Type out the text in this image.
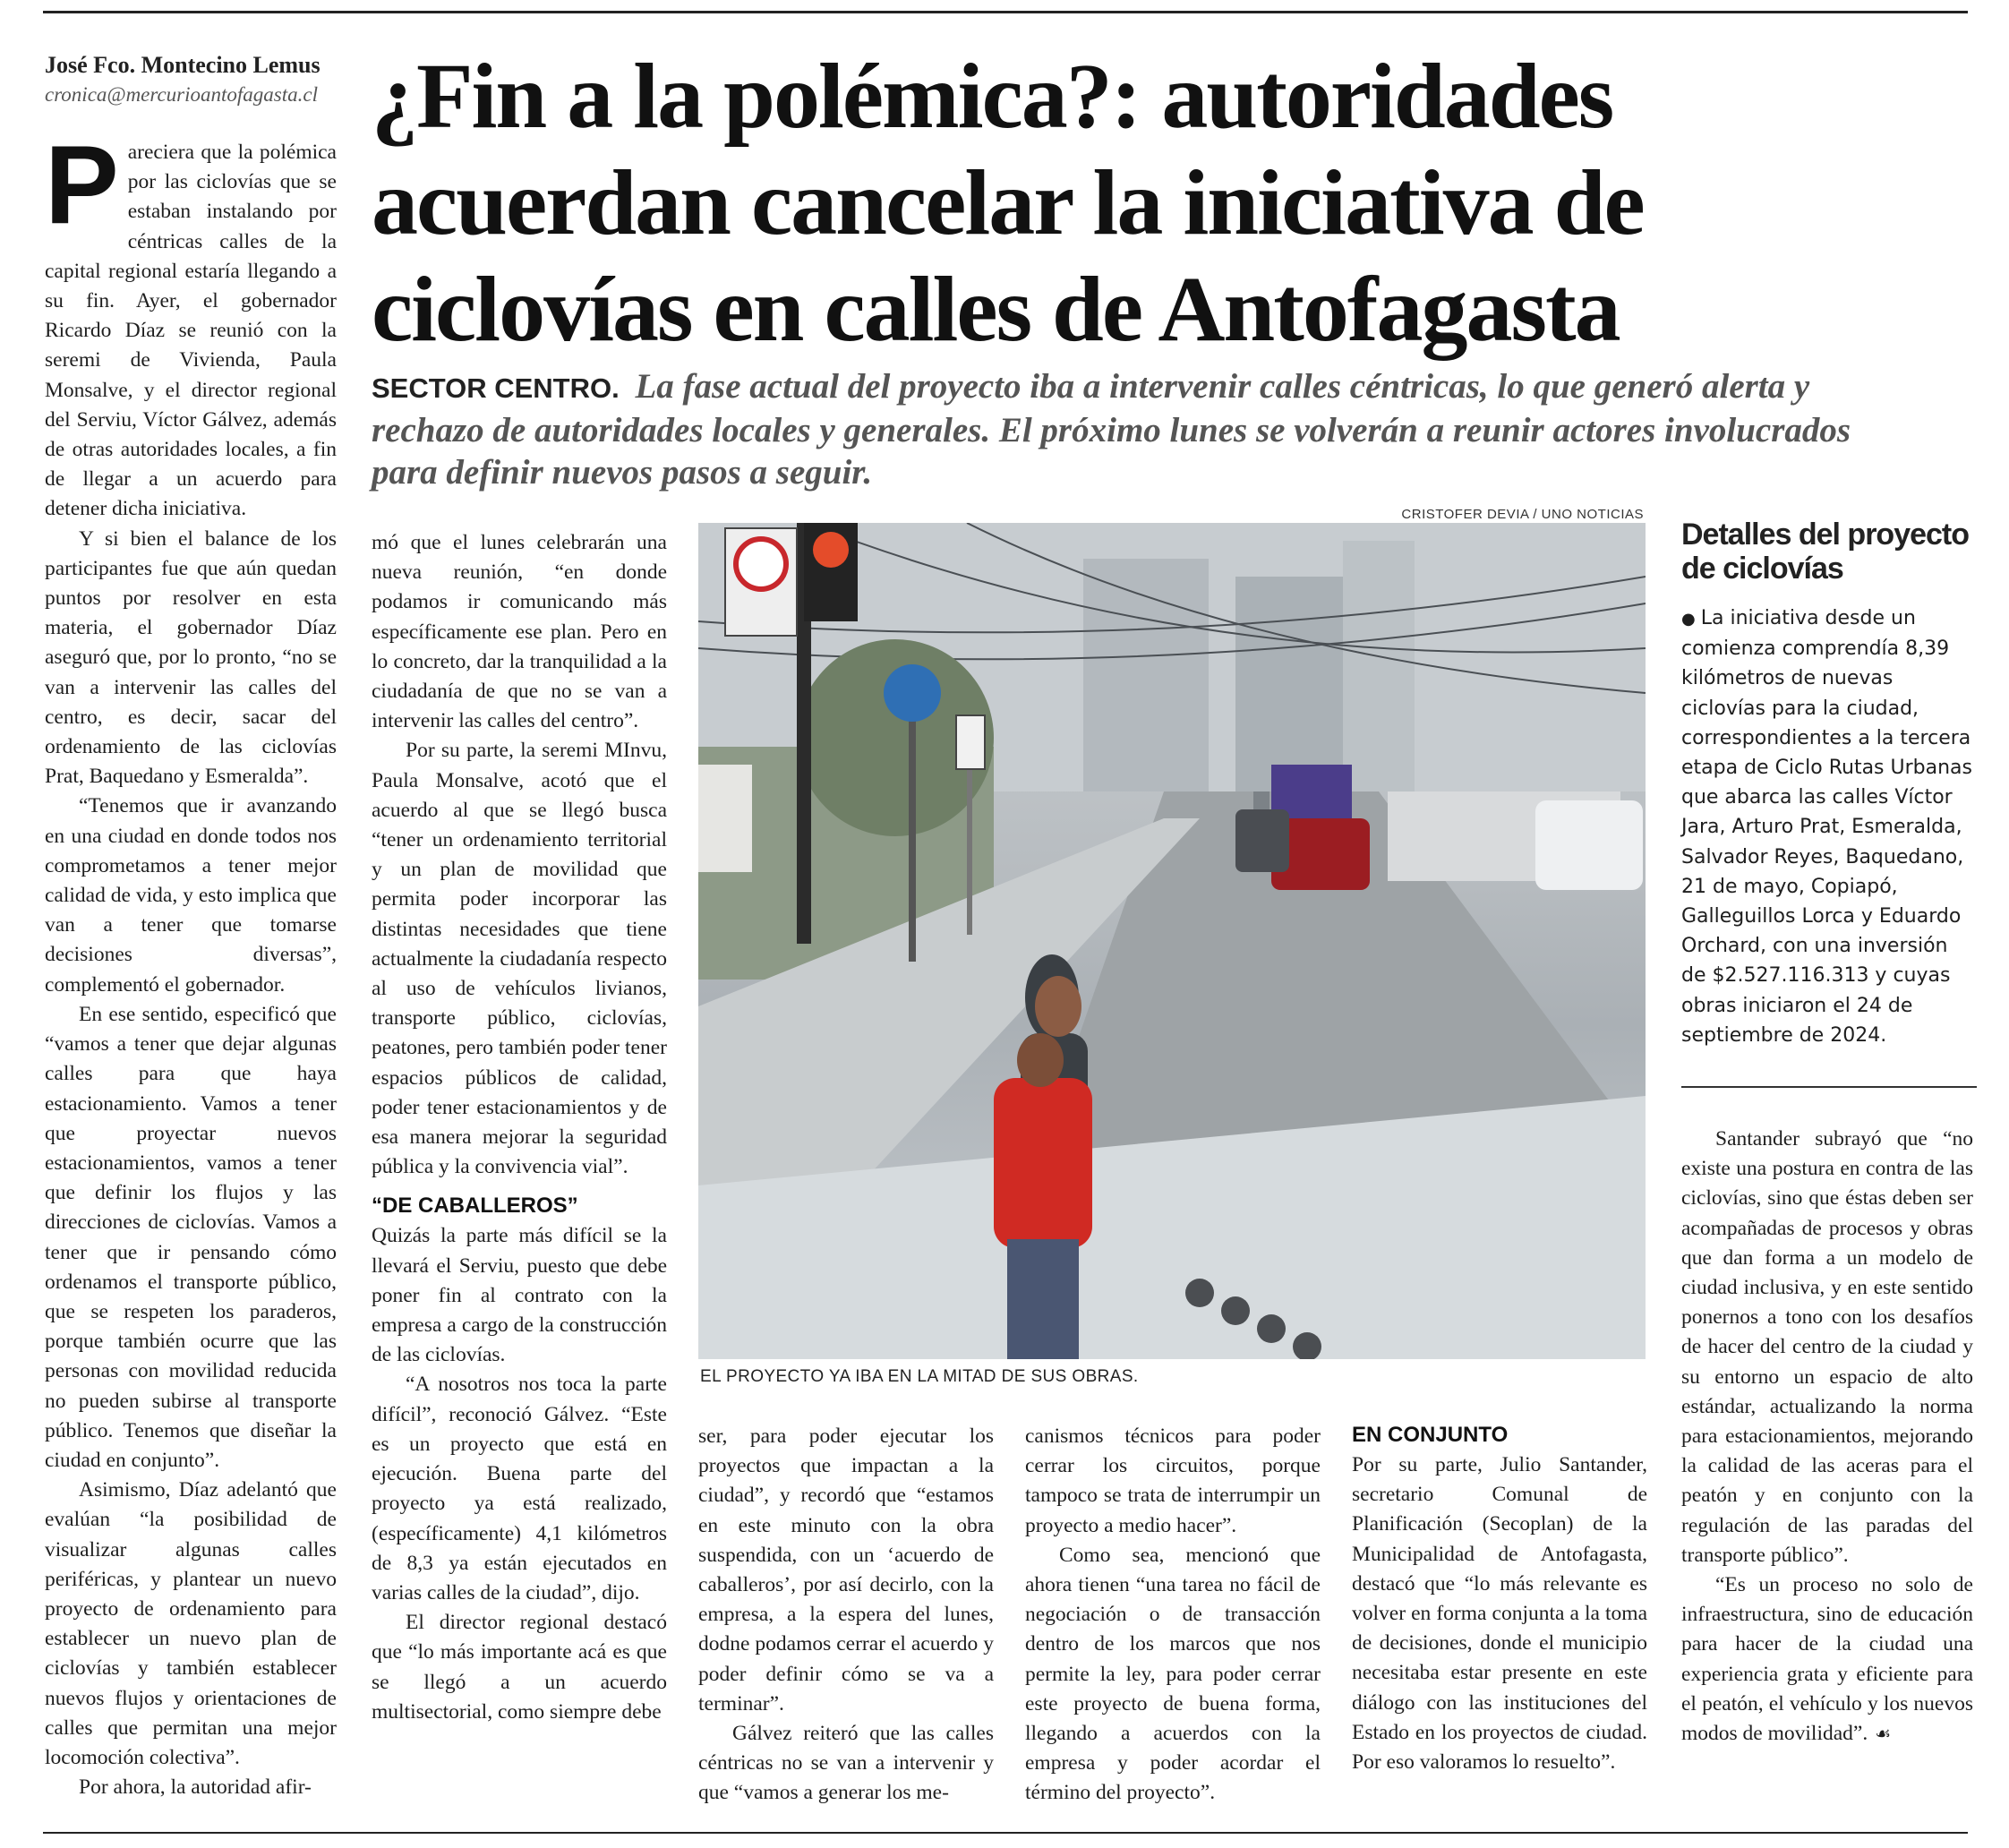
José Fco. Montecino Lemus
cronica@mercurioantofagasta.cl ¿Fin a la polémica?: autoridades acuerdan cancelar la iniciativa de ciclovías en calles de Antofagasta
SECTOR CENTRO. La fase actual del proyecto iba a intervenir calles céntricas, lo que generó alerta y rechazo de autoridades locales y generales. El próximo lunes se volverán a reunir actores involucrados para definir nuevos pasos a seguir.

Pareciera que la polémica por las ciclovías que se estaban instalando por céntricas calles de la capital regional estaría llegando a su fin. Ayer, el gobernador Ricardo Díaz se reunió con la seremi de Vivienda, Paula Monsalve, y el director regional del Serviu, Víctor Gálvez, además de otras autoridades locales, a fin de llegar a un acuerdo para detener dicha iniciativa.

Y si bien el balance de los participantes fue que aún quedan puntos por resolver en esta materia, el gobernador Díaz aseguró que, por lo pronto, “no se van a intervenir las calles del centro, es decir, sacar del ordenamiento de las ciclovías Prat, Baquedano y Esmeralda”.

“Tenemos que ir avanzando en una ciudad en donde todos nos comprometamos a tener mejor calidad de vida, y esto implica que van a tener que tomarse decisiones diversas”, complementó el gobernador.

En ese sentido, especificó que “vamos a tener que dejar algunas calles para que haya estacionamiento. Vamos a tener que proyectar nuevos estacionamientos, vamos a tener que definir los flujos y las direcciones de ciclovías. Vamos a tener que ir pensando cómo ordenamos el transporte público, que se respeten los paraderos, porque también ocurre que las personas con movilidad reducida no pueden subirse al transporte público. Tenemos que diseñar la ciudad en conjunto”.

Asimismo, Díaz adelantó que evalúan “la posibilidad de visualizar algunas calles periféricas, y plantear un nuevo proyecto de ordenamiento para establecer un nuevo plan de ciclovías y también establecer nuevos flujos y orientaciones de calles que permitan una mejor locomoción colectiva”.

Por ahora, la autoridad afir-

mó que el lunes celebrarán una nueva reunión, “en donde podamos ir comunicando más específicamente ese plan. Pero en lo concreto, dar la tranquilidad a la ciudadanía de que no se van a intervenir las calles del centro”.

Por su parte, la seremi MInvu, Paula Monsalve, acotó que el acuerdo al que se llegó busca “tener un ordenamiento territorial y un plan de movilidad que permita poder incorporar las distintas necesidades que tiene actualmente la ciudadanía respecto al uso de vehículos livianos, transporte público, ciclovías, peatones, pero también poder tener espacios públicos de calidad, poder tener estacionamientos y de esa manera mejorar la seguridad pública y la convivencia vial”.

“DE CABALLEROS”

Quizás la parte más difícil se la llevará el Serviu, puesto que debe poner fin al contrato con la empresa a cargo de la construcción de las ciclovías.

“A nosotros nos toca la parte difícil”, reconoció Gálvez. “Este es un proyecto que está en ejecución. Buena parte del proyecto ya está realizado, (específicamente) 4,1 kilómetros de 8,3 ya están ejecutados en varias calles de la ciudad”, dijo.

El director regional destacó que “lo más importante acá es que se llegó a un acuerdo multisectorial, como siempre debe

CRISTOFER DEVIA / UNO NOTICIAS
EL PROYECTO YA IBA EN LA MITAD DE SUS OBRAS.

ser, para poder ejecutar los proyectos que impactan a la ciudad”, y recordó que “estamos en este minuto con la obra suspendida, con un ‘acuerdo de caballeros’, por así decirlo, con la empresa, a la espera del lunes, dodne podamos cerrar el acuerdo y poder definir cómo se va a terminar”.

Gálvez reiteró que las calles céntricas no se van a intervenir y que “vamos a generar los me-

canismos técnicos para poder cerrar los circuitos, porque tampoco se trata de interrumpir un proyecto a medio hacer”.

Como sea, mencionó que ahora tienen “una tarea no fácil de negociación o de transacción dentro de los marcos que nos permite la ley, para poder cerrar este proyecto de buena forma, llegando a acuerdos con la empresa y poder acordar el término del proyecto”.

EN CONJUNTO

Por su parte, Julio Santander, secretario Comunal de Planificación (Secoplan) de la Municipalidad de Antofagasta, destacó que “lo más relevante es volver en forma conjunta a la toma de decisiones, donde el municipio necesitaba estar presente en este diálogo con las instituciones del Estado en los proyectos de ciudad. Por eso valoramos lo resuelto”.

Detalles del proyecto de ciclovías
● La iniciativa desde un comienza comprendía 8,39 kilómetros de nuevas ciclovías para la ciudad, correspondientes a la tercera etapa de Ciclo Rutas Urbanas que abarca las calles Víctor Jara, Arturo Prat, Esmeralda, Salvador Reyes, Baquedano, 21 de mayo, Copiapó, Galleguillos Lorca y Eduardo Orchard, con una inversión de $2.527.116.313 y cuyas obras iniciaron el 24 de septiembre de 2024.

Santander subrayó que “no existe una postura en contra de las ciclovías, sino que éstas deben ser acompañadas de procesos y obras que dan forma a un modelo de ciudad inclusiva, y en este sentido ponernos a tono con los desafíos de hacer del centro de la ciudad y su entorno un espacio de alto estándar, actualizando la norma para estacionamientos, mejorando la calidad de las aceras para el peatón y en conjunto con la regulación de las paradas del transporte público”.

“Es un proceso no solo de infraestructura, sino de educación para hacer de la ciudad una experiencia grata y eficiente para el peatón, el vehículo y los nuevos modos de movilidad”. ☙
